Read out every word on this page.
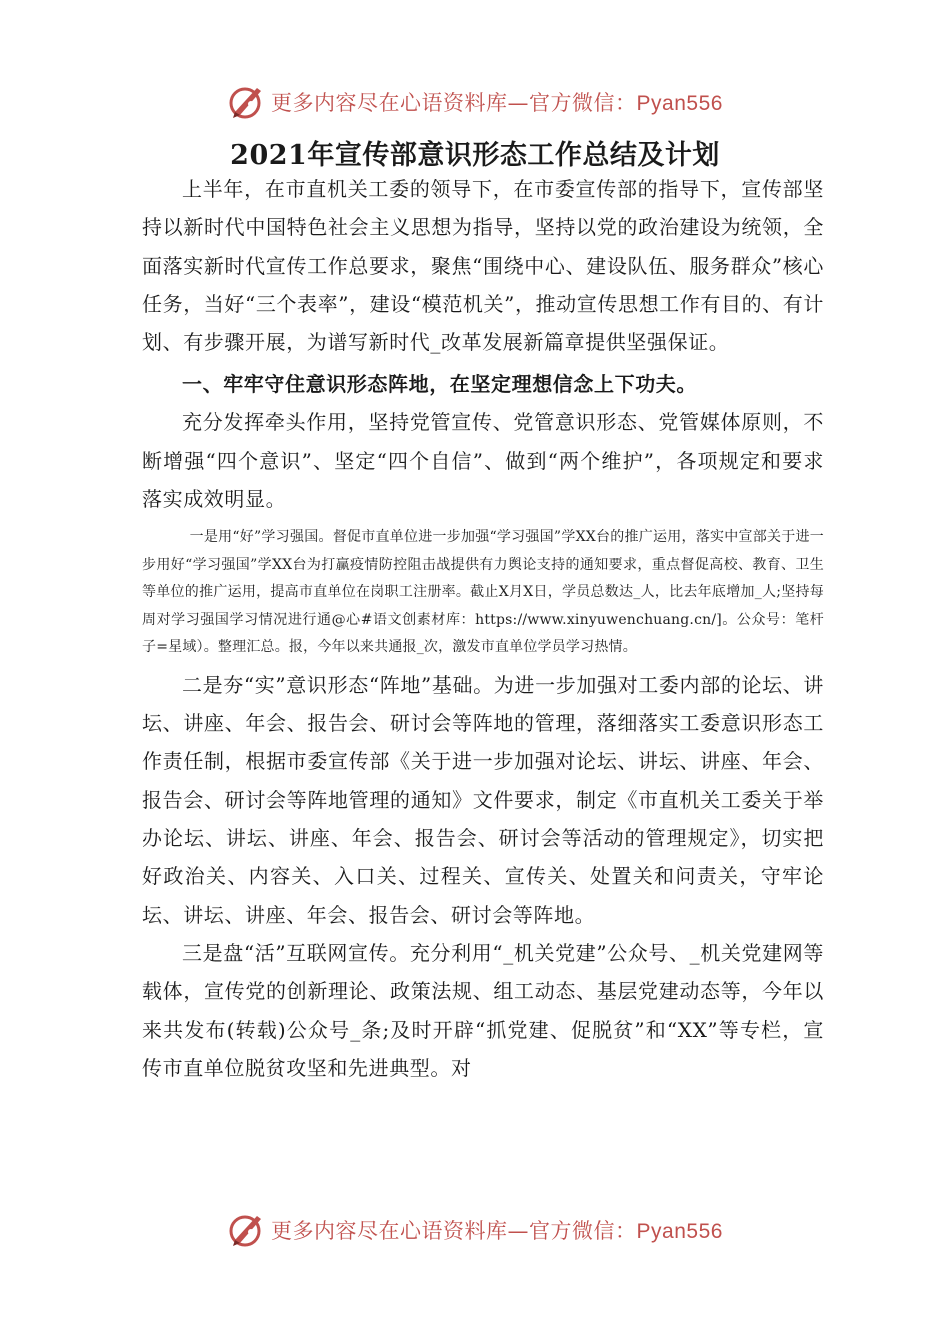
更多内容尽在心语资料库—官方微信：Pyan556
2021年宣传部意识形态工作总结及计划

上半年，在市直机关工委的领导下，在市委宣传部的指导下，宣传部坚持以新时代中国特色社会主义思想为指导，坚持以党的政治建设为统领，全面落实新时代宣传工作总要求，聚焦“围绕中心、建设队伍、服务群众”核心任务，当好“三个表率”，建设“模范机关”，推动宣传思想工作有目的、有计划、有步骤开展，为谱写新时代_改革发展新篇章提供坚强保证。

一、牢牢守住意识形态阵地，在坚定理想信念上下功夫。

充分发挥牵头作用，坚持党管宣传、党管意识形态、党管媒体原则，不断增强“四个意识”、坚定“四个自信”、做到“两个维护”，各项规定和要求落实成效明显。

一是用“好”学习强国。督促市直单位进一步加强“学习强国”学XX台的推广运用，落实中宣部关于进一步用好“学习强国”学XX台为打赢疫情防控阻击战提供有力舆论支持的通知要求，重点督促高校、教育、卫生等单位的推广运用，提高市直单位在岗职工注册率。截止X月X日，学员总数达_人，比去年底增加_人;坚持每周对学习强国学习情况进行通@心#语文创素材库：https://www.xinyuwenchuang.cn/]。公众号：笔杆子=星域）。整理汇总。报，今年以来共通报_次，激发市直单位学员学习热情。

二是夯“实”意识形态“阵地”基础。为进一步加强对工委内部的论坛、讲坛、讲座、年会、报告会、研讨会等阵地的管理，落细落实工委意识形态工作责任制，根据市委宣传部《关于进一步加强对论坛、讲坛、讲座、年会、报告会、研讨会等阵地管理的通知》文件要求，制定《市直机关工委关于举办论坛、讲坛、讲座、年会、报告会、研讨会等活动的管理规定》，切实把好政治关、内容关、入口关、过程关、宣传关、处置关和问责关，守牢论坛、讲坛、讲座、年会、报告会、研讨会等阵地。

三是盘“活”互联网宣传。充分利用“_机关党建”公众号、_机关党建网等载体，宣传党的创新理论、政策法规、组工动态、基层党建动态等，今年以来共发布(转载)公众号_条;及时开辟“抓党建、促脱贫”和“XX”等专栏，宣传市直单位脱贫攻坚和先进典型。对

更多内容尽在心语资料库—官方微信：Pyan556
